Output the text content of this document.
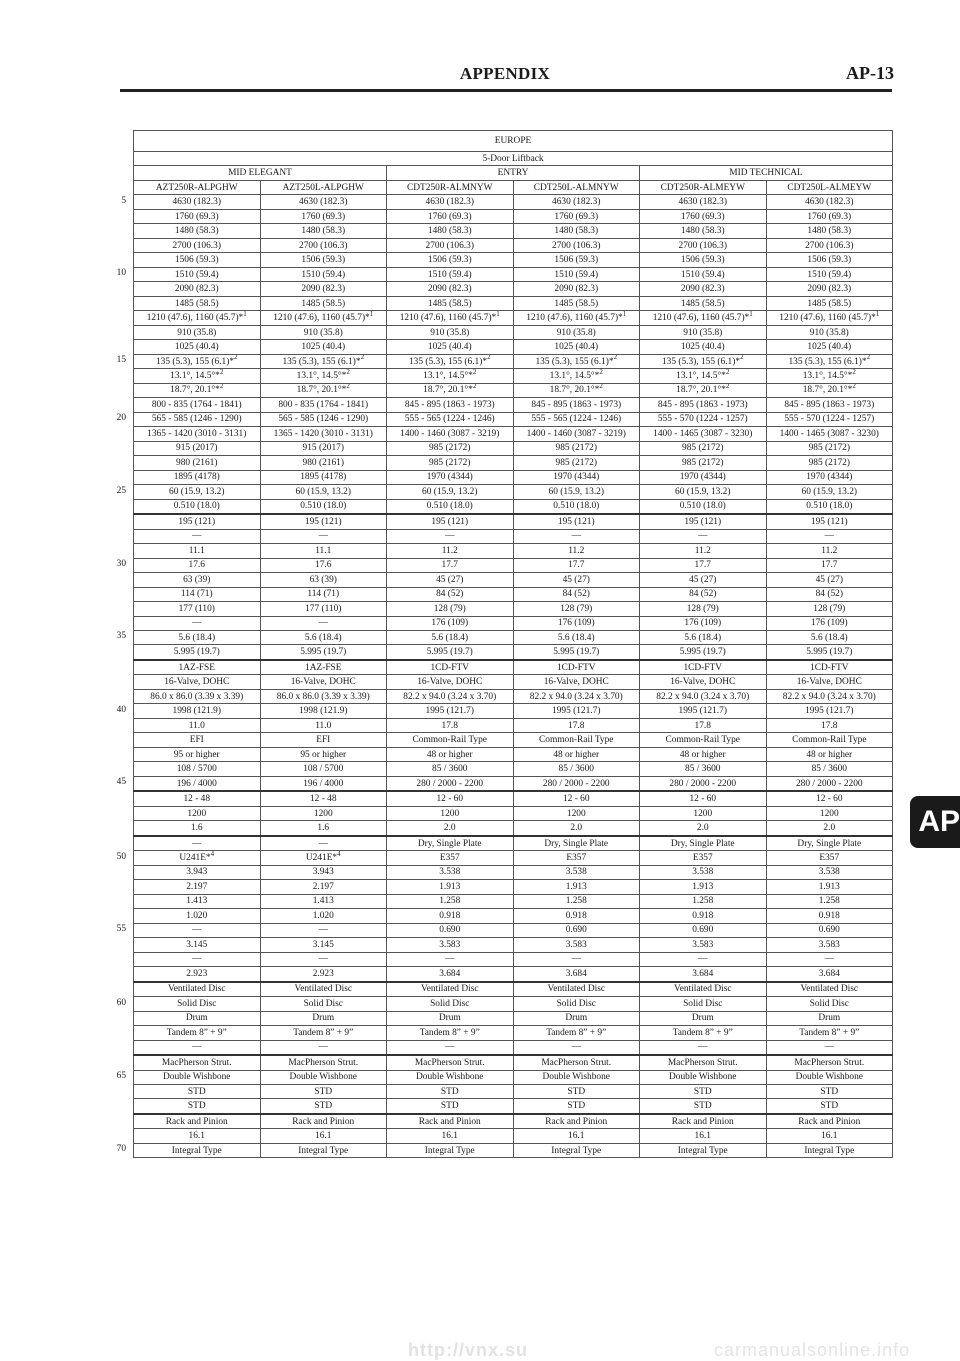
APPENDIX	AP-13
EUROPE					
5-Door Liftback					
MID ELEGANT		ENTRY		MID TECHNICAL	
AZT250R-ALPGHW	AZT250L-ALPGHW	CDT250R-ALMNYW	CDT250L-ALMNYW	CDT250R-ALMEYW	CDT250L-ALMEYW
4630 (182.3)	4630 (182.3)	4630 (182.3)	4630 (182.3)	4630 (182.3)	4630 (182.3)
1760 (69.3)	1760 (69.3)	1760 (69.3)	1760 (69.3)	1760 (69.3)	1760 (69.3)
1480 (58.3)	1480 (58.3)	1480 (58.3)	1480 (58.3)	1480 (58.3)	1480 (58.3)
2700 (106.3)	2700 (106.3)	2700 (106.3)	2700 (106.3)	2700 (106.3)	2700 (106.3)
1506 (59.3)	1506 (59.3)	1506 (59.3)	1506 (59.3)	1506 (59.3)	1506 (59.3)
1510 (59.4)	1510 (59.4)	1510 (59.4)	1510 (59.4)	1510 (59.4)	1510 (59.4)
2090 (82.3)	2090 (82.3)	2090 (82.3)	2090 (82.3)	2090 (82.3)	2090 (82.3)
1485 (58.5)	1485 (58.5)	1485 (58.5)	1485 (58.5)	1485 (58.5)	1485 (58.5)
1210 (47.6), 1160 (45.7)*$^1$	1210 (47.6), 1160 (45.7)*$^1$	1210 (47.6), 1160 (45.7)*$^1$	1210 (47.6), 1160 (45.7)*$^1$	1210 (47.6), 1160 (45.7)*$^1$	1210 (47.6), 1160 (45.7)*$^1$
910 (35.8)	910 (35.8)	910 (35.8)	910 (35.8)	910 (35.8)	910 (35.8)
1025 (40.4)	1025 (40.4)	1025 (40.4)	1025 (40.4)	1025 (40.4)	1025 (40.4)
135 (5.3), 155 (6.1)*$^2$	135 (5.3), 155 (6.1)*$^2$	135 (5.3), 155 (6.1)*$^2$	135 (5.3), 155 (6.1)*$^2$	135 (5.3), 155 (6.1)*$^2$	135 (5.3), 155 (6.1)*$^2$
13.1°, 14.5°*$^2$	13.1°, 14.5°*$^2$	13.1°, 14.5°*$^2$	13.1°, 14.5°*$^2$	13.1°, 14.5°*$^2$	13.1°, 14.5°*$^2$
18.7°, 20.1°*$^2$	18.7°, 20.1°*$^2$	18.7°, 20.1°*$^2$	18.7°, 20.1°*$^2$	18.7°, 20.1°*$^2$	18.7°, 20.1°*$^2$
800 - 835 (1764 - 1841)	800 - 835 (1764 - 1841)	845 - 895 (1863 - 1973)	845 - 895 (1863 - 1973)	845 - 895 (1863 - 1973)	845 - 895 (1863 - 1973)
565 - 585 (1246 - 1290)	565 - 585 (1246 - 1290)	555 - 565 (1224 - 1246)	555 - 565 (1224 - 1246)	555 - 570 (1224 - 1257)	555 - 570 (1224 - 1257)
1365 - 1420 (3010 - 3131)	1365 - 1420 (3010 - 3131)	1400 - 1460 (3087 - 3219)	1400 - 1460 (3087 - 3219)	1400 - 1465 (3087 - 3230)	1400 - 1465 (3087 - 3230)
915 (2017)	915 (2017)	985 (2172)	985 (2172)	985 (2172)	985 (2172)
980 (2161)	980 (2161)	985 (2172)	985 (2172)	985 (2172)	985 (2172)
1895 (4178)	1895 (4178)	1970 (4344)	1970 (4344)	1970 (4344)	1970 (4344)
60 (15.9, 13.2)	60 (15.9, 13.2)	60 (15.9, 13.2)	60 (15.9, 13.2)	60 (15.9, 13.2)	60 (15.9, 13.2)
0.510 (18.0)	0.510 (18.0)	0.510 (18.0)	0.510 (18.0)	0.510 (18.0)	0.510 (18.0)
195 (121)	195 (121)	195 (121)	195 (121)	195 (121)	195 (121)
—	—	—	—	—	—
11.1	11.1	11.2	11.2	11.2	11.2
17.6	17.6	17.7	17.7	17.7	17.7
63 (39)	63 (39)	45 (27)	45 (27)	45 (27)	45 (27)
114 (71)	114 (71)	84 (52)	84 (52)	84 (52)	84 (52)
177 (110)	177 (110)	128 (79)	128 (79)	128 (79)	128 (79)
—	—	176 (109)	176 (109)	176 (109)	176 (109)
5.6 (18.4)	5.6 (18.4)	5.6 (18.4)	5.6 (18.4)	5.6 (18.4)	5.6 (18.4)
5.995 (19.7)	5.995 (19.7)	5.995 (19.7)	5.995 (19.7)	5.995 (19.7)	5.995 (19.7)
1AZ-FSE	1AZ-FSE	1CD-FTV	1CD-FTV	1CD-FTV	1CD-FTV
16-Valve, DOHC	16-Valve, DOHC	16-Valve, DOHC	16-Valve, DOHC	16-Valve, DOHC	16-Valve, DOHC
86.0 x 86.0 (3.39 x 3.39)	86.0 x 86.0 (3.39 x 3.39)	82.2 x 94.0 (3.24 x 3.70)	82.2 x 94.0 (3.24 x 3.70)	82.2 x 94.0 (3.24 x 3.70)	82.2 x 94.0 (3.24 x 3.70)
1998 (121.9)	1998 (121.9)	1995 (121.7)	1995 (121.7)	1995 (121.7)	1995 (121.7)
11.0	11.0	17.8	17.8	17.8	17.8
EFI	EFI	Common-Rail Type	Common-Rail Type	Common-Rail Type	Common-Rail Type
95 or higher	95 or higher	48 or higher	48 or higher	48 or higher	48 or higher
108 / 5700	108 / 5700	85 / 3600	85 / 3600	85 / 3600	85 / 3600
196 / 4000	196 / 4000	280 / 2000 - 2200	280 / 2000 - 2200	280 / 2000 - 2200	280 / 2000 - 2200
12 - 48	12 - 48	12 - 60	12 - 60	12 - 60	12 - 60
1200	1200	1200	1200	1200	1200
1.6	1.6	2.0	2.0	2.0	2.0
—	—	Dry, Single Plate	Dry, Single Plate	Dry, Single Plate	Dry, Single Plate
U241E*$^4$	U241E*$^4$	E357	E357	E357	E357
3.943	3.943	3.538	3.538	3.538	3.538
2.197	2.197	1.913	1.913	1.913	1.913
1.413	1.413	1.258	1.258	1.258	1.258
1.020	1.020	0.918	0.918	0.918	0.918
—	—	0.690	0.690	0.690	0.690
3.145	3.145	3.583	3.583	3.583	3.583
—	—	—	—	—	—
2.923	2.923	3.684	3.684	3.684	3.684
Ventilated Disc	Ventilated Disc	Ventilated Disc	Ventilated Disc	Ventilated Disc	Ventilated Disc
Solid Disc	Solid Disc	Solid Disc	Solid Disc	Solid Disc	Solid Disc
Drum	Drum	Drum	Drum	Drum	Drum
Tandem 8” + 9”	Tandem 8” + 9”	Tandem 8” + 9”	Tandem 8” + 9”	Tandem 8” + 9”	Tandem 8” + 9”
—	—	—	—	—	—
MacPherson Strut.	MacPherson Strut.	MacPherson Strut.	MacPherson Strut.	MacPherson Strut.	MacPherson Strut.
Double Wishbone	Double Wishbone	Double Wishbone	Double Wishbone	Double Wishbone	Double Wishbone
STD	STD	STD	STD	STD	STD
STD	STD	STD	STD	STD	STD
Rack and Pinion	Rack and Pinion	Rack and Pinion	Rack and Pinion	Rack and Pinion	Rack and Pinion
16.1	16.1	16.1	16.1	16.1	16.1
Integral Type	Integral Type	Integral Type	Integral Type	Integral Type	Integral Type
5
10
15
20
25
30
35
40
45
50
55
60
65
70
AP
http://vnx.su	carmanualsonline.info
